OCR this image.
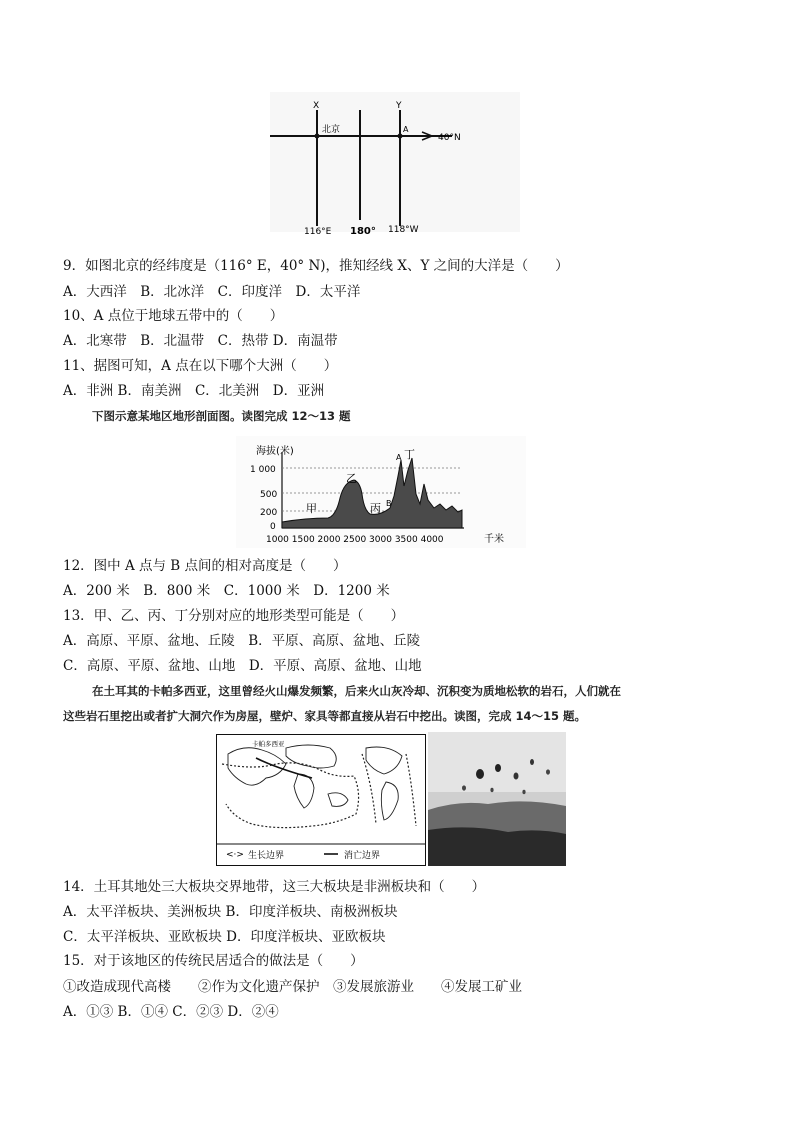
X	Y
北京	A
40°N
116°E 180° 118°W
9．如图北京的经纬度是（116° E，40° N)，推知经线 X、Y 之间的大洋是（　　）
A．大西洋　B．北冰洋　C．印度洋　D．太平洋
10、A 点位于地球五带中的（　　）
A．北寒带　B．北温带　C．热带 D．南温带
11、据图可知，A 点在以下哪个大洲（　　）
A．非洲 B．南美洲　C．北美洲　D．亚洲
下图示意某地区地形剖面图。读图完成 12～13 题
海拔(米)
1 000
500
200
0
甲
乙
丙
丁
A
B
1000 1500 2000 2500 3000 3500 4000	千米
12．图中 A 点与 B 点间的相对高度是（　　）
A．200 米　B．800 米　C．1000 米　D．1200 米
13．甲、乙、丙、丁分别对应的地形类型可能是（　　）
A．高原、平原、盆地、丘陵　B．平原、高原、盆地、丘陵
C．高原、平原、盆地、山地　D．平原、高原、盆地、山地
在土耳其的卡帕多西亚，这里曾经火山爆发频繁，后来火山灰冷却、沉积变为质地松软的岩石，人们就在
这些岩石里挖出或者扩大洞穴作为房屋，壁炉、家具等都直接从岩石中挖出。读图，完成 14～15 题。
卡帕多西亚
<·> 生长边界	消亡边界
14．土耳其地处三大板块交界地带，这三大板块是非洲板块和（　　）
A．太平洋板块、美洲板块 B．印度洋板块、南极洲板块
C．太平洋板块、亚欧板块 D．印度洋板块、亚欧板块
15．对于该地区的传统民居适合的做法是（　　）
①改造成现代高楼　　②作为文化遗产保护　③发展旅游业　　④发展工矿业
A．①③ B．①④ C．②③ D．②④
